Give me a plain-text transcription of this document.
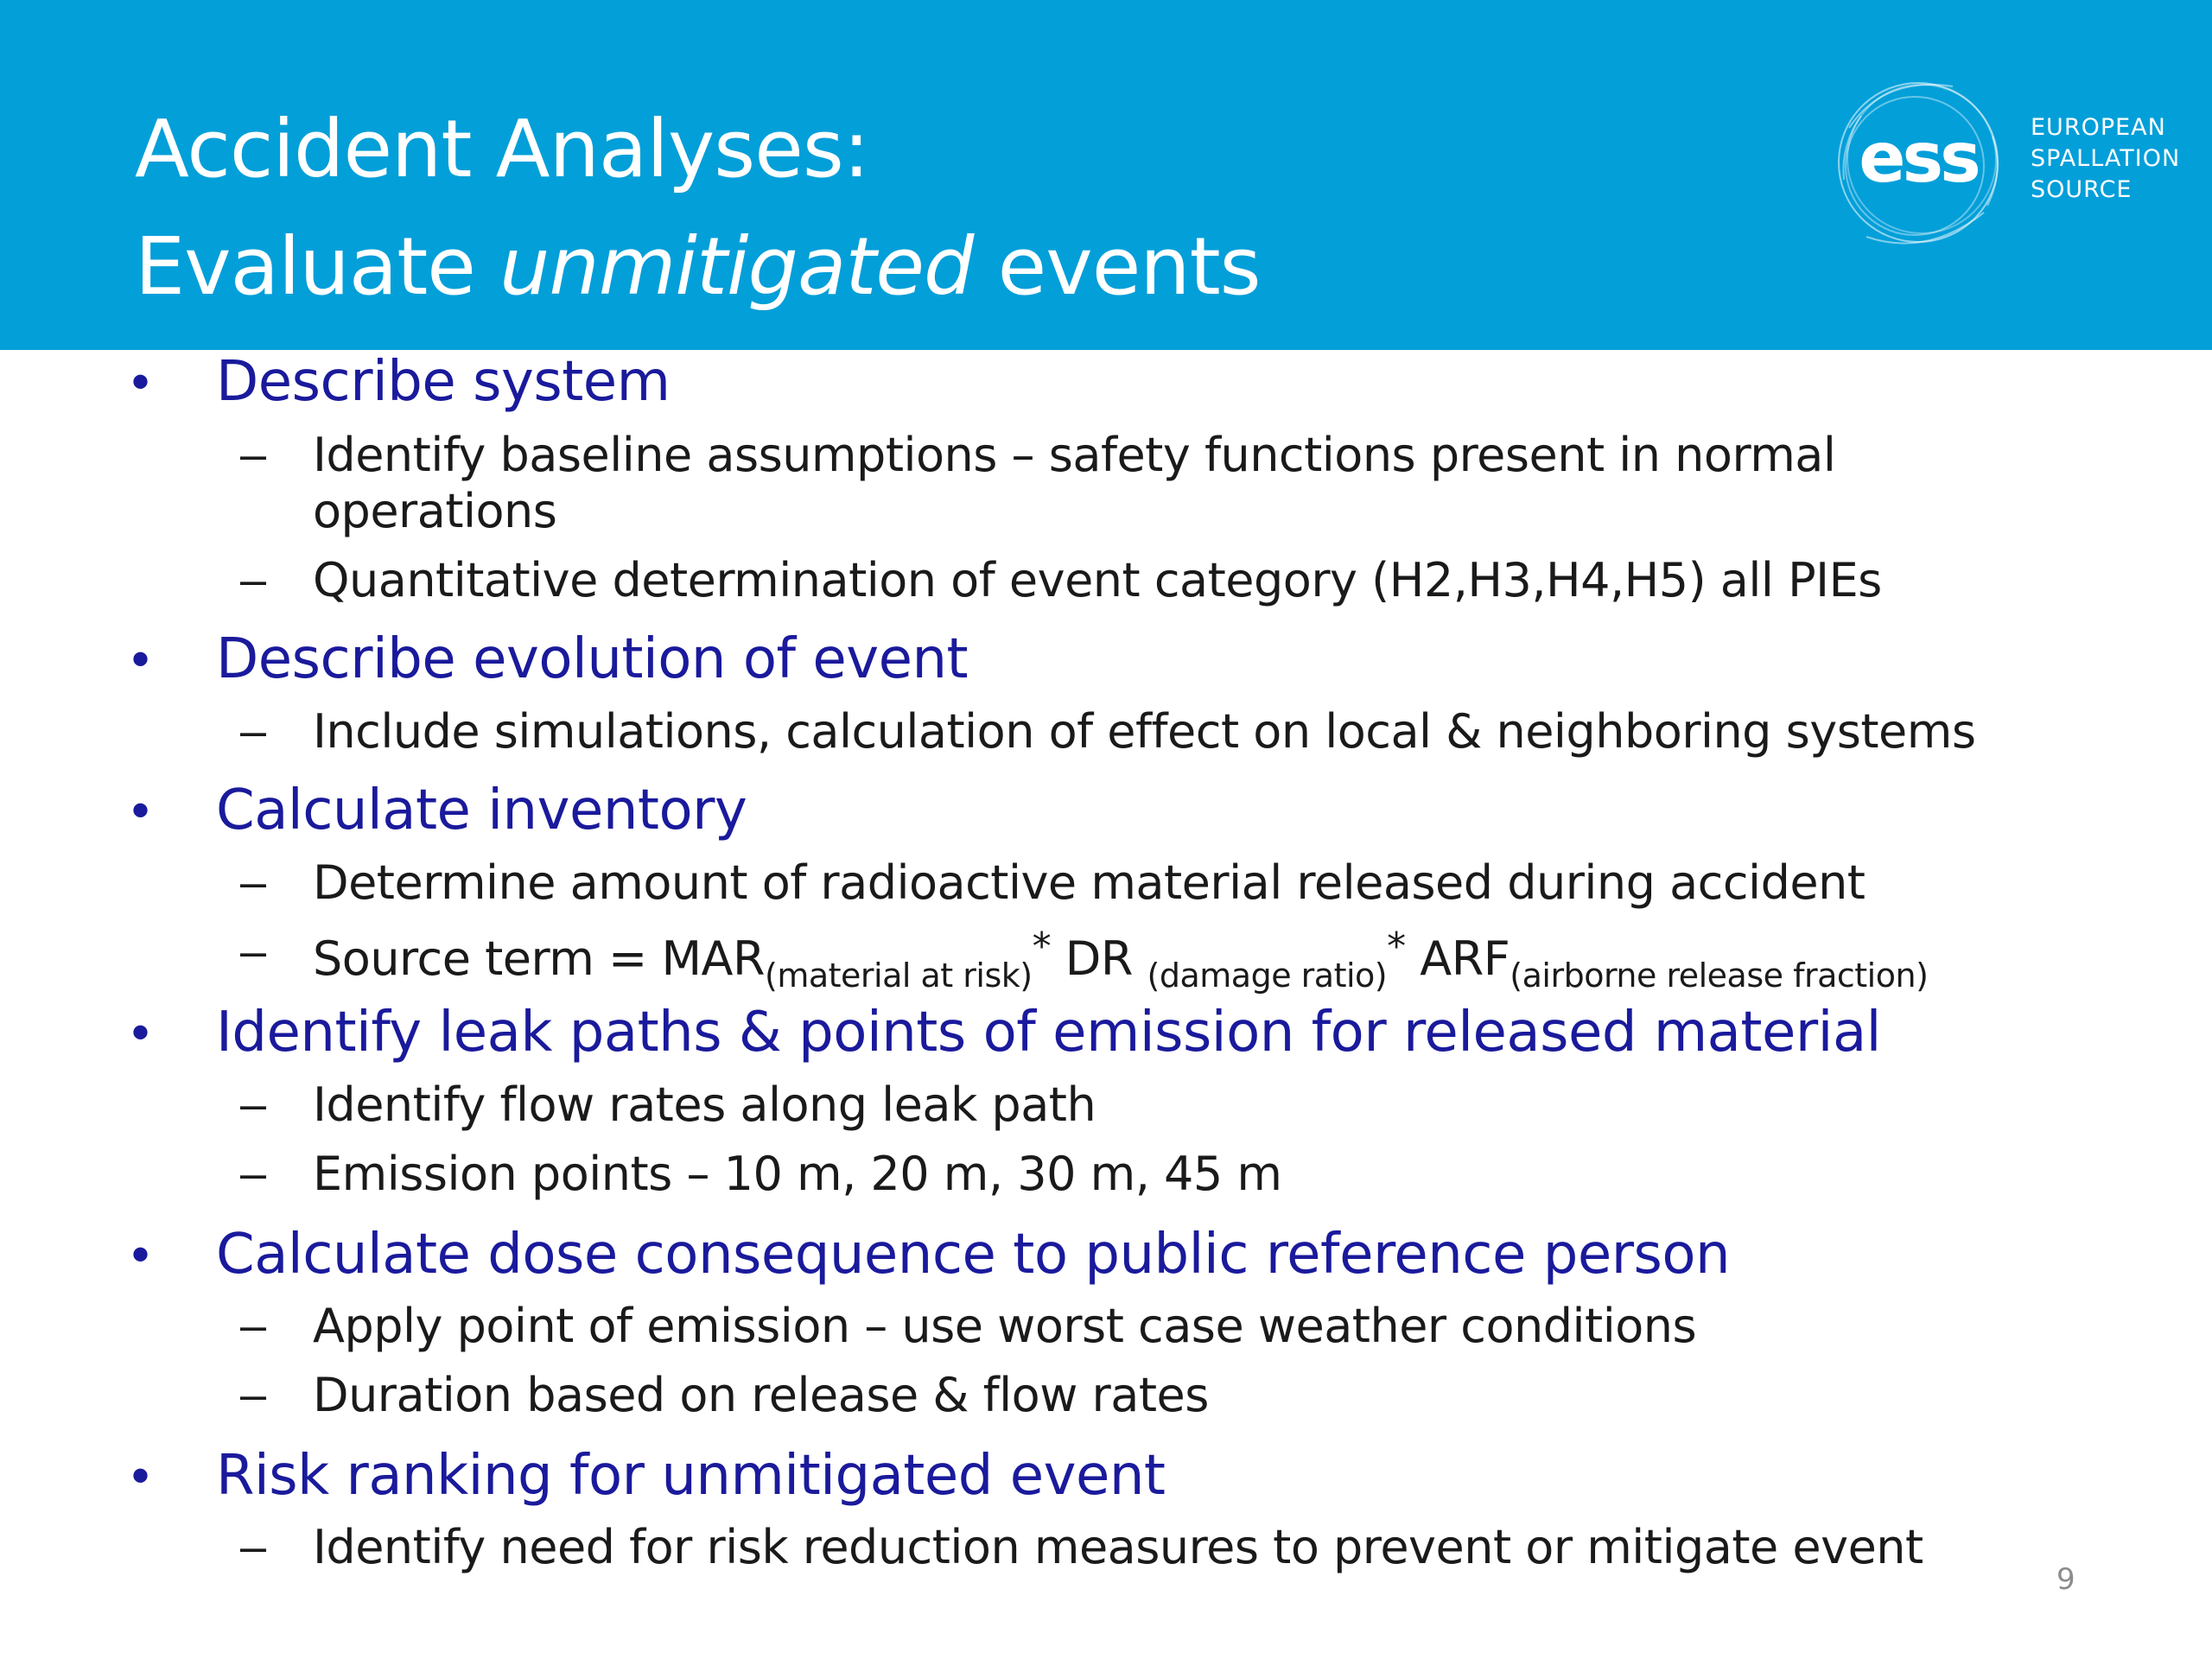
Accident Analyses:
Evaluate unmitigated events
ess EUROPEAN
SPALLATION
SOURCE
• Describe system
– Identify baseline assumptions – safety functions present in normal
operations
– Quantitative determination of event category (H2,H3,H4,H5) all PIEs
• Describe evolution of event
– Include simulations, calculation of effect on local & neighboring systems
• Calculate inventory
– Determine amount of radioactive material released during accident
– Source term = $MAR_{(material at risk)}^*$ DR $_{(damage ratio)}$* $ARF_{(airborne release fraction)}$
• Identify leak paths & points of emission for released material
– Identify flow rates along leak path
– Emission points – 10 m, 20 m, 30 m, 45 m
• Calculate dose consequence to public reference person
– Apply point of emission – use worst case weather conditions
– Duration based on release & flow rates
• Risk ranking for unmitigated event
– Identify need for risk reduction measures to prevent or mitigate event
9
